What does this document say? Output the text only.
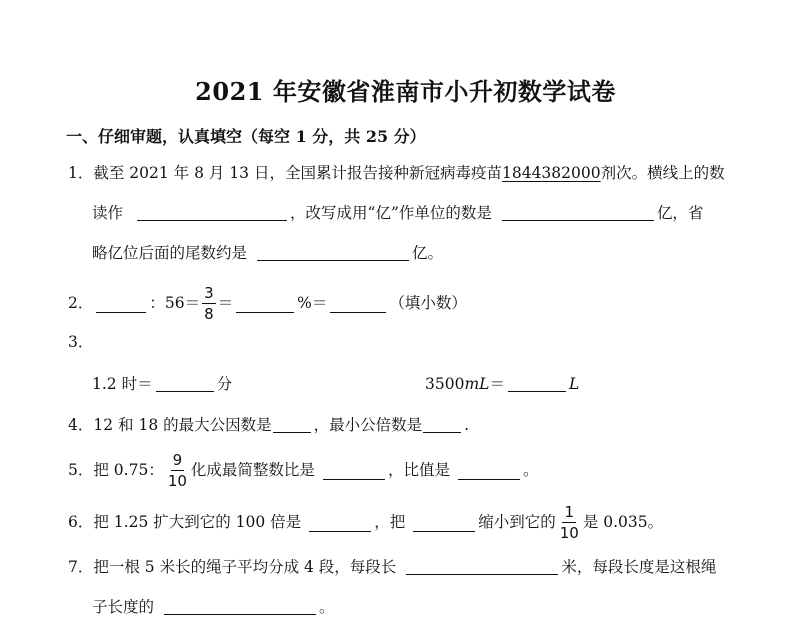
2021 年安徽省淮南市小升初数学试卷
一、仔细审题，认真填空（每空 1 分，共 25 分）
1．截至 2021 年 8 月 13 日，全国累计报告接种新冠病毒疫苗1844382000剂次。横线上的数
读作	，改写成用“亿”作单位的数是	亿，省
略亿位后面的尾数约是	亿。
2．	：$56= \frac{3}{8}$ ＝	%＝	（填小数）
3．
1.2 时＝	分	3500mL＝	L
4．12 和 18 的最大公因数是	，最小公倍数是	.
5． 把 0.75： $\frac{9}{10}$ 化成最简整数比是	，比值是	。
6． 把 1.25 扩大到它的 100 倍是	，把	缩小到它的 $\frac{1}{10}$ 是 0.035。
7．把一根 5 米长的绳子平均分成 4 段，每段长	米，每段长度是这根绳
子长度的	。
